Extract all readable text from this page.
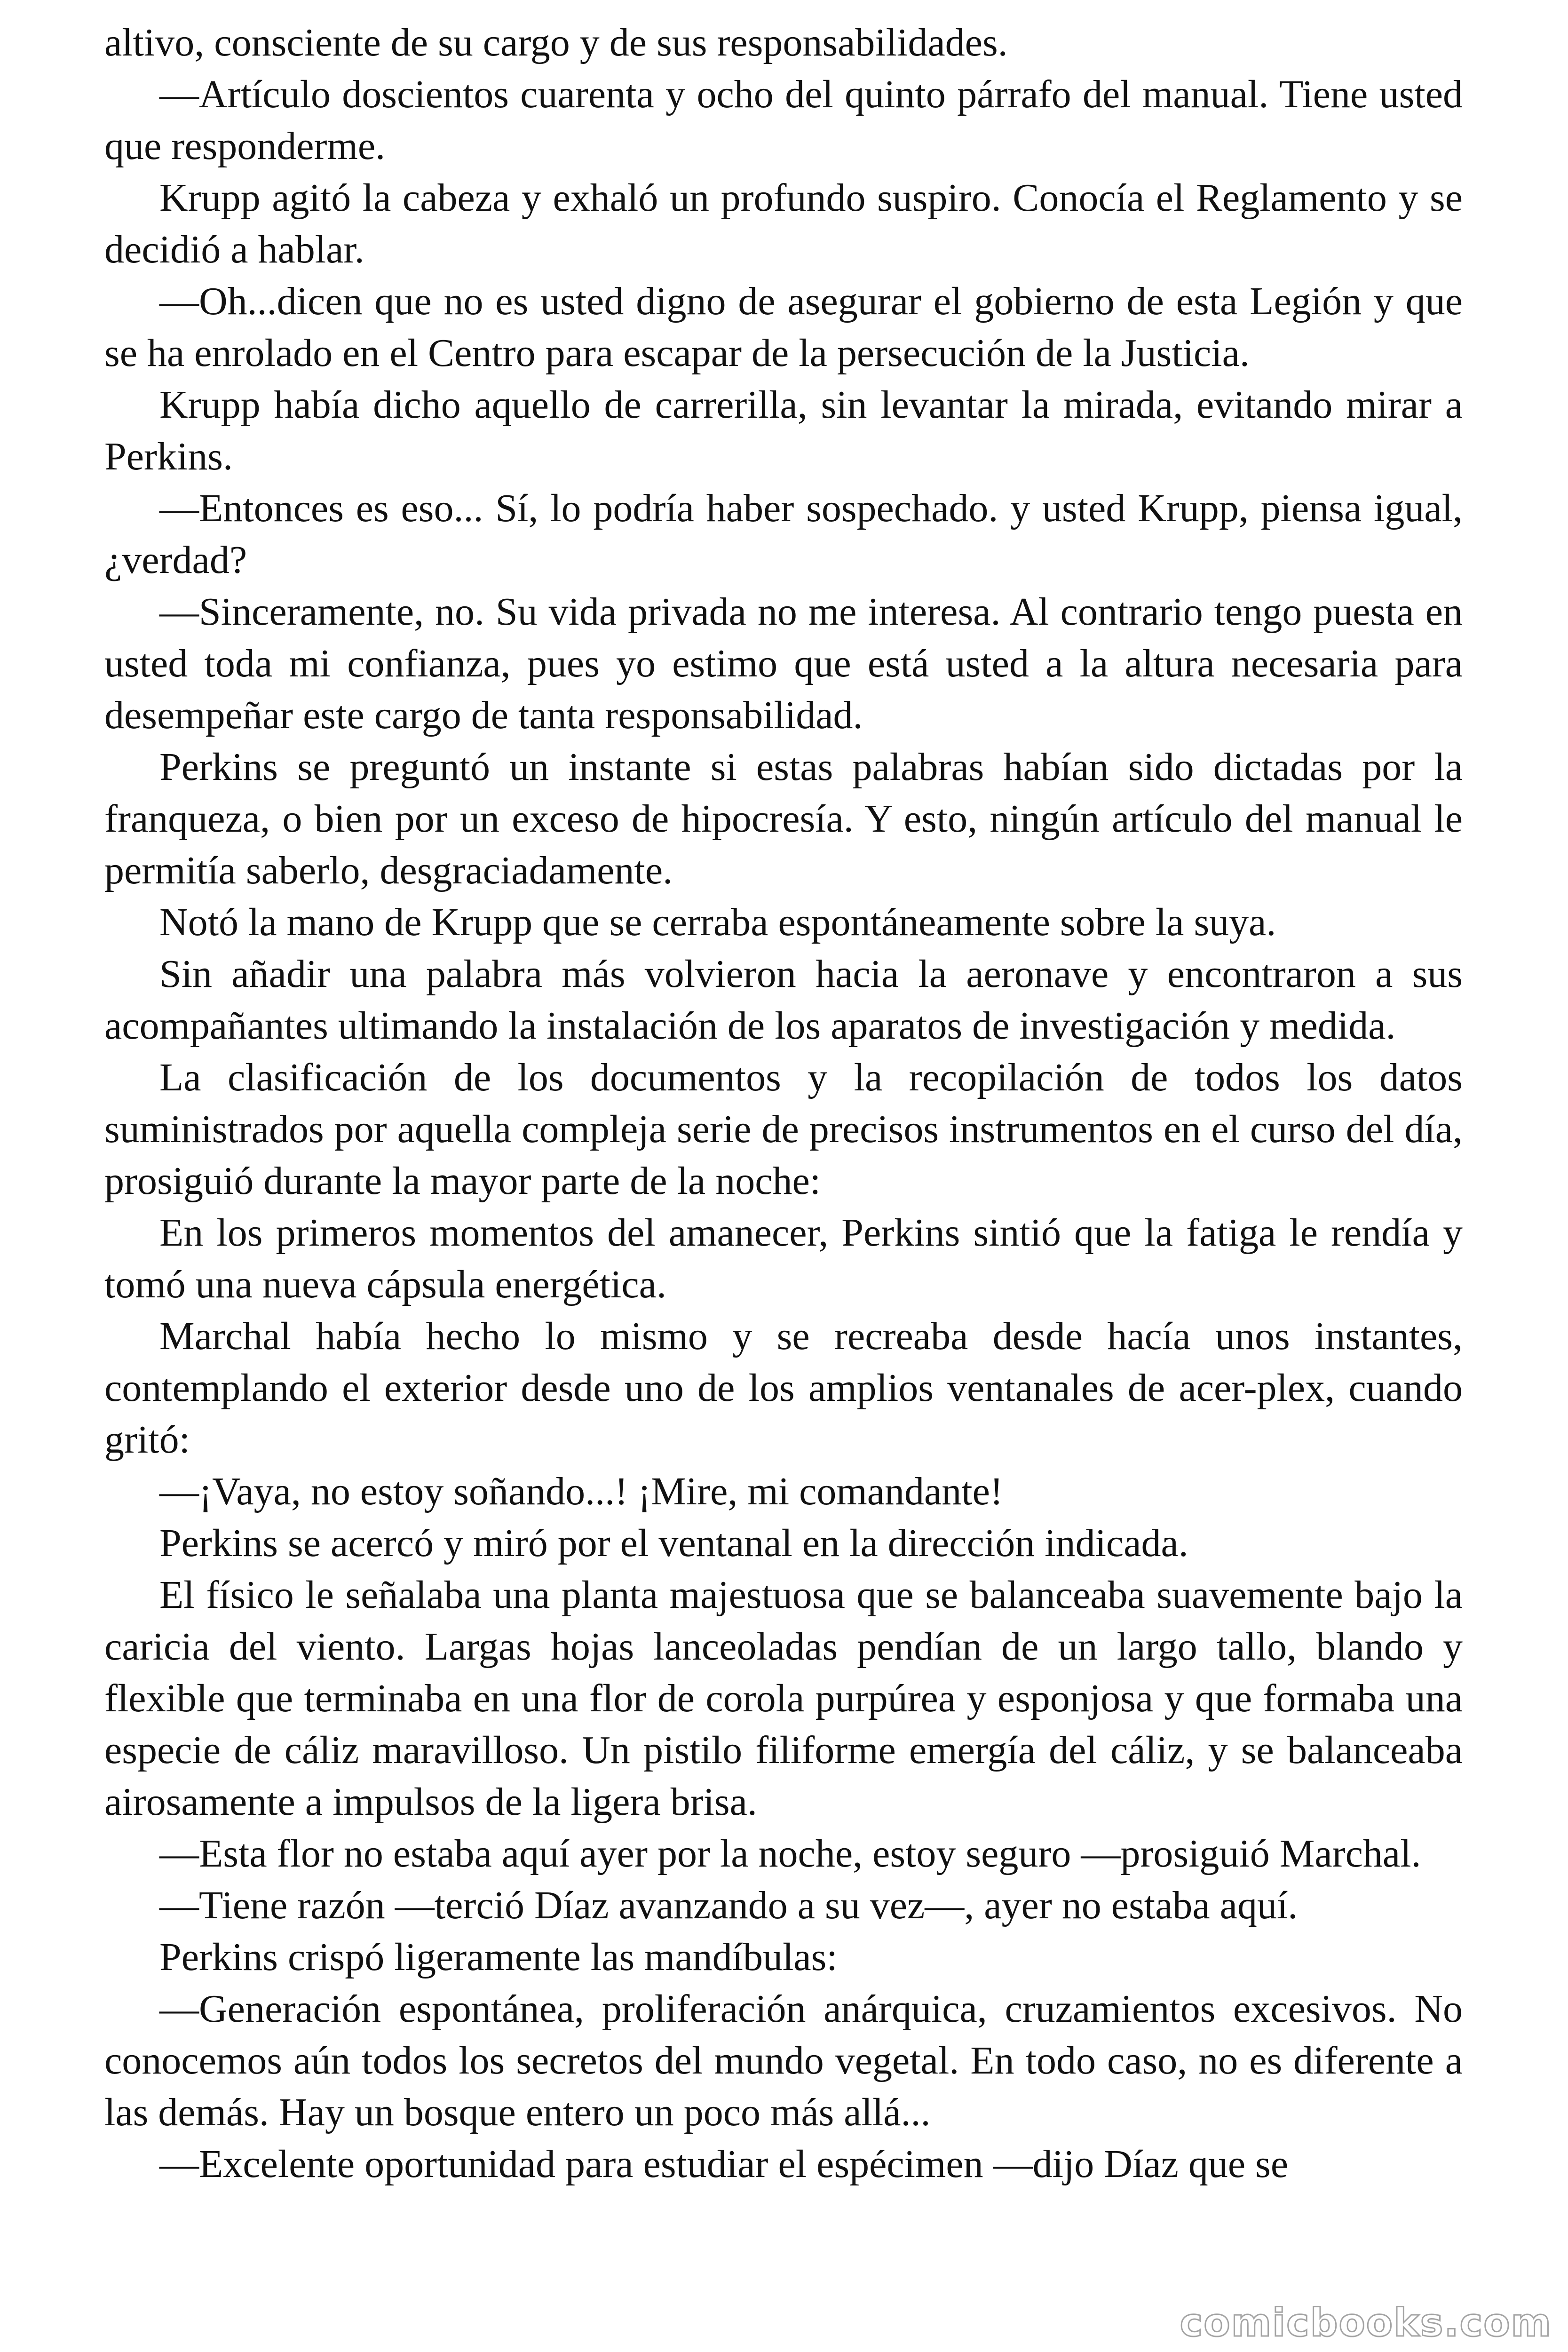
altivo, consciente de su cargo y de sus responsabilidades.

—Artículo doscientos cuarenta y ocho del quinto párrafo del manual. Tiene usted que responderme.

Krupp agitó la cabeza y exhaló un profundo suspiro. Conocía el Reglamento y se decidió a hablar.

—Oh...dicen que no es usted digno de asegurar el gobierno de esta Legión y que se ha enrolado en el Centro para escapar de la persecución de la Justicia.

Krupp había dicho aquello de carrerilla, sin levantar la mirada, evitando mirar a Perkins.

—Entonces es eso... Sí, lo podría haber sospechado. y usted Krupp, piensa igual, ¿verdad?

—Sinceramente, no. Su vida privada no me interesa. Al contrario tengo puesta en usted toda mi confianza, pues yo estimo que está usted a la altura necesaria para desempeñar este cargo de tanta responsabilidad.

Perkins se preguntó un instante si estas palabras habían sido dictadas por la franqueza, o bien por un exceso de hipocresía. Y esto, ningún artículo del manual le permitía saberlo, desgraciadamente.

Notó la mano de Krupp que se cerraba espontáneamente sobre la suya.

Sin añadir una palabra más volvieron hacia la aeronave y encontraron a sus acompañantes ultimando la instalación de los aparatos de investigación y medida.

La clasificación de los documentos y la recopilación de todos los datos suministrados por aquella compleja serie de precisos instrumentos en el curso del día, prosiguió durante la mayor parte de la noche:

En los primeros momentos del amanecer, Perkins sintió que la fatiga le rendía y tomó una nueva cápsula energética.

Marchal había hecho lo mismo y se recreaba desde hacía unos instantes, contemplando el exterior desde uno de los amplios ventanales de acer-plex, cuando gritó:

—¡Vaya, no estoy soñando...! ¡Mire, mi comandante!

Perkins se acercó y miró por el ventanal en la dirección indicada.

El físico le señalaba una planta majestuosa que se balanceaba suavemente bajo la caricia del viento. Largas hojas lanceoladas pendían de un largo tallo, blando y flexible que terminaba en una flor de corola purpúrea y esponjosa y que formaba una especie de cáliz maravilloso. Un pistilo filiforme emergía del cáliz, y se balanceaba airosamente a impulsos de la ligera brisa.

—Esta flor no estaba aquí ayer por la noche, estoy seguro —prosiguió Marchal.

—Tiene razón —terció Díaz avanzando a su vez—, ayer no estaba aquí.

Perkins crispó ligeramente las mandíbulas:

—Generación espontánea, proliferación anárquica, cruzamientos excesivos. No conocemos aún todos los secretos del mundo vegetal. En todo caso, no es diferente a las demás. Hay un bosque entero un poco más allá...

—Excelente oportunidad para estudiar el espécimen —dijo Díaz que se

comicbooks.com
